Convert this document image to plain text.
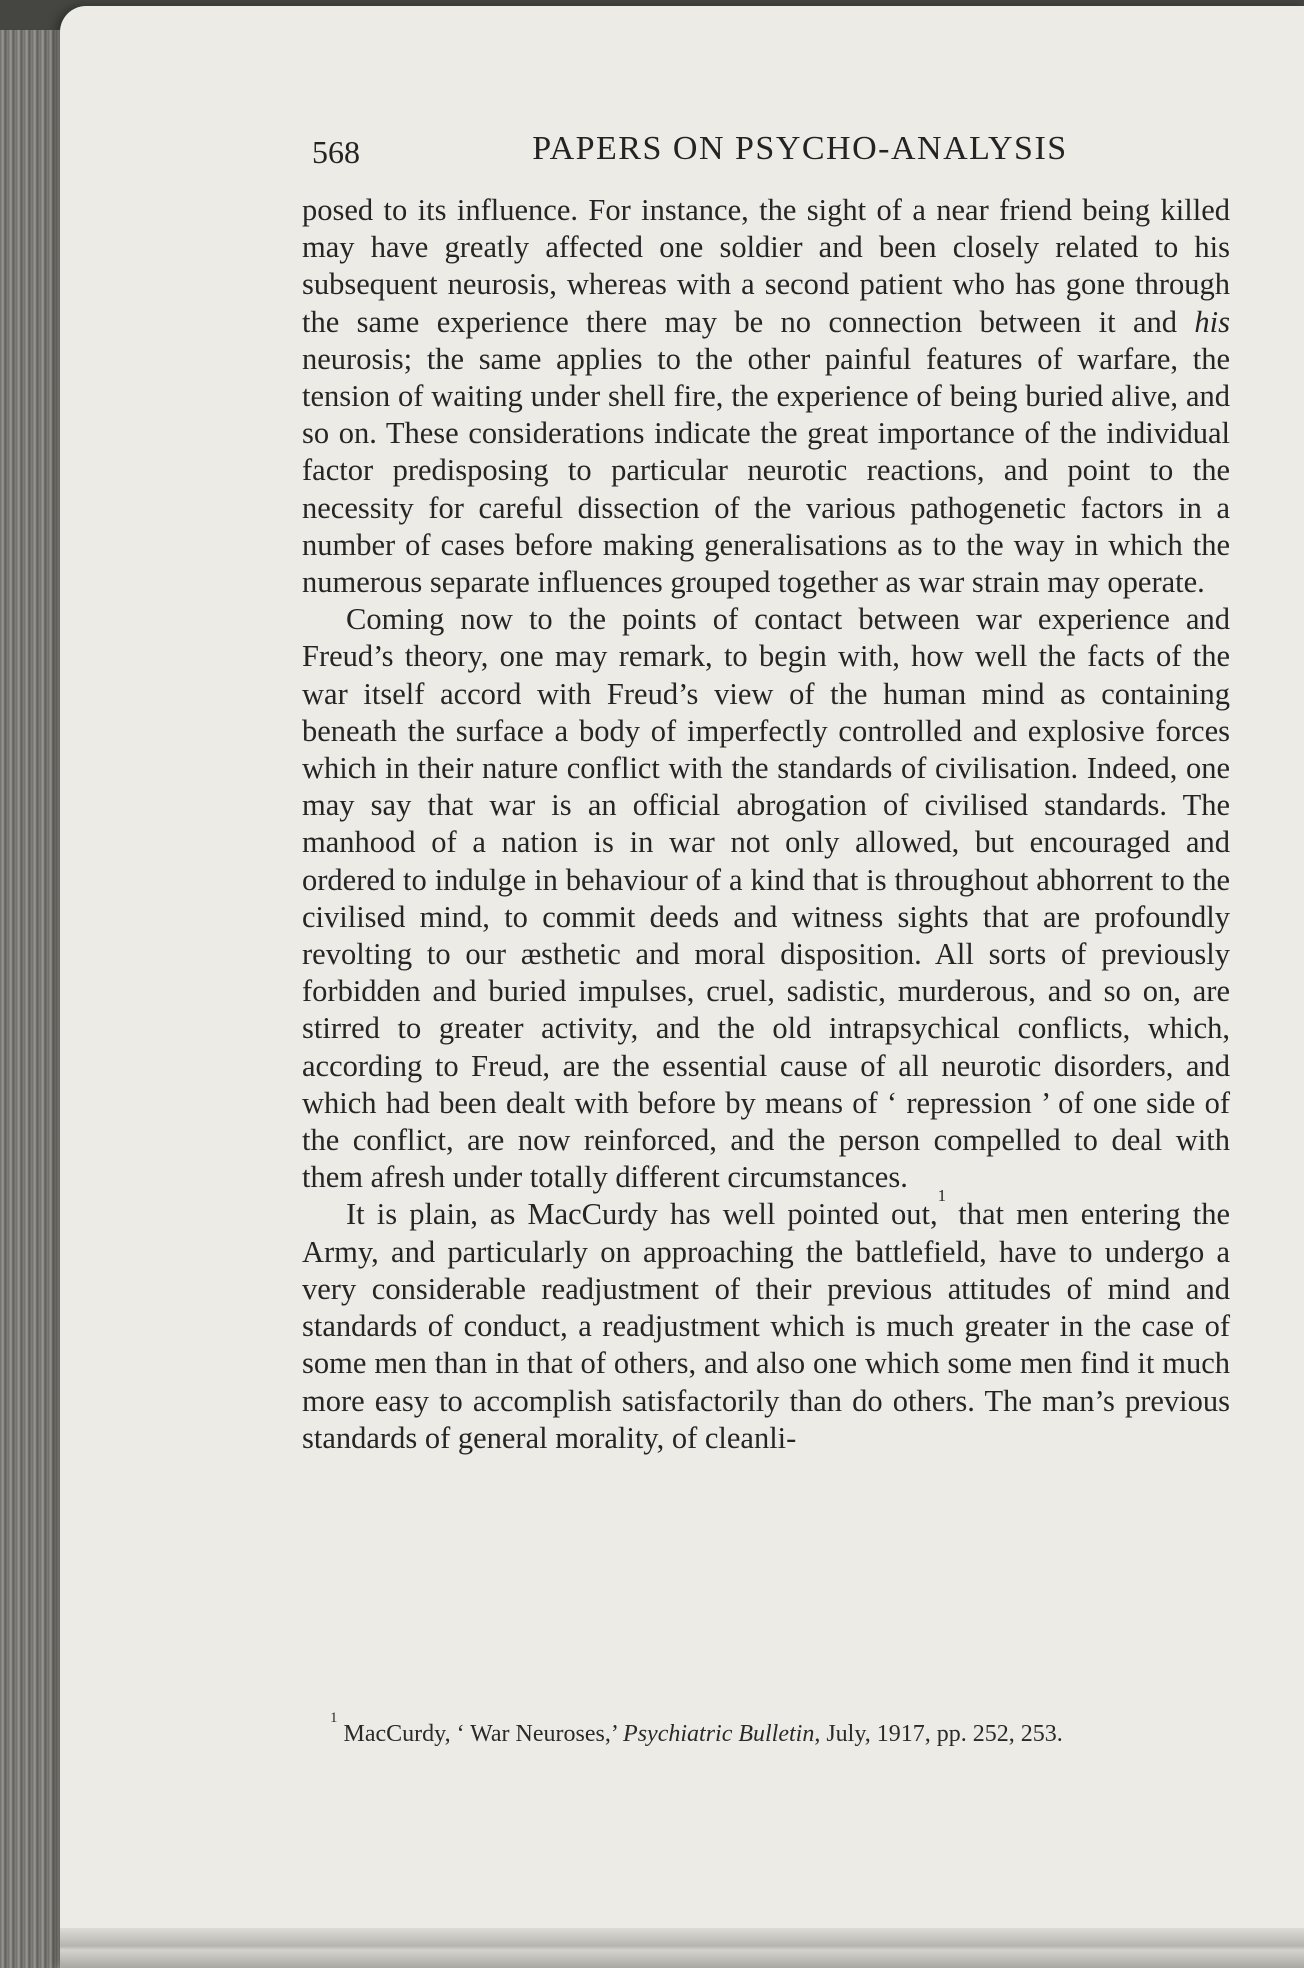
568	PAPERS ON PSYCHO-ANALYSIS

posed to its influence. For instance, the sight of a near friend being killed may have greatly affected one soldier and been closely related to his subsequent neurosis, whereas with a second patient who has gone through the same experience there may be no connection between it and his neurosis; the same applies to the other painful features of warfare, the tension of waiting under shell fire, the experience of being buried alive, and so on. These considerations indicate the great importance of the individual factor predisposing to particular neurotic reactions, and point to the necessity for careful dissection of the various pathogenetic factors in a number of cases before making generalisations as to the way in which the numerous separate influences grouped together as war strain may operate.

Coming now to the points of contact between war experience and Freud’s theory, one may remark, to begin with, how well the facts of the war itself accord with Freud’s view of the human mind as containing beneath the surface a body of imperfectly controlled and explosive forces which in their nature conflict with the standards of civilisation. Indeed, one may say that war is an official abrogation of civilised standards. The manhood of a nation is in war not only allowed, but encouraged and ordered to indulge in behaviour of a kind that is throughout abhorrent to the civilised mind, to commit deeds and witness sights that are profoundly revolting to our æsthetic and moral disposition. All sorts of previously forbidden and buried impulses, cruel, sadistic, murderous, and so on, are stirred to greater activity, and the old intrapsychical conflicts, which, according to Freud, are the essential cause of all neurotic disorders, and which had been dealt with before by means of ‘ repression ’ of one side of the conflict, are now reinforced, and the person compelled to deal with them afresh under totally different circumstances.

It is plain, as MacCurdy has well pointed out,$^1$ that men entering the Army, and particularly on approaching the battlefield, have to undergo a very considerable readjustment of their previous attitudes of mind and standards of conduct, a readjustment which is much greater in the case of some men than in that of others, and also one which some men find it much more easy to accomplish satisfactorily than do others. The man’s previous standards of general morality, of cleanli-

$^1$ MacCurdy, ‘ War Neuroses,’ Psychiatric Bulletin, July, 1917, pp. 252, 253.
